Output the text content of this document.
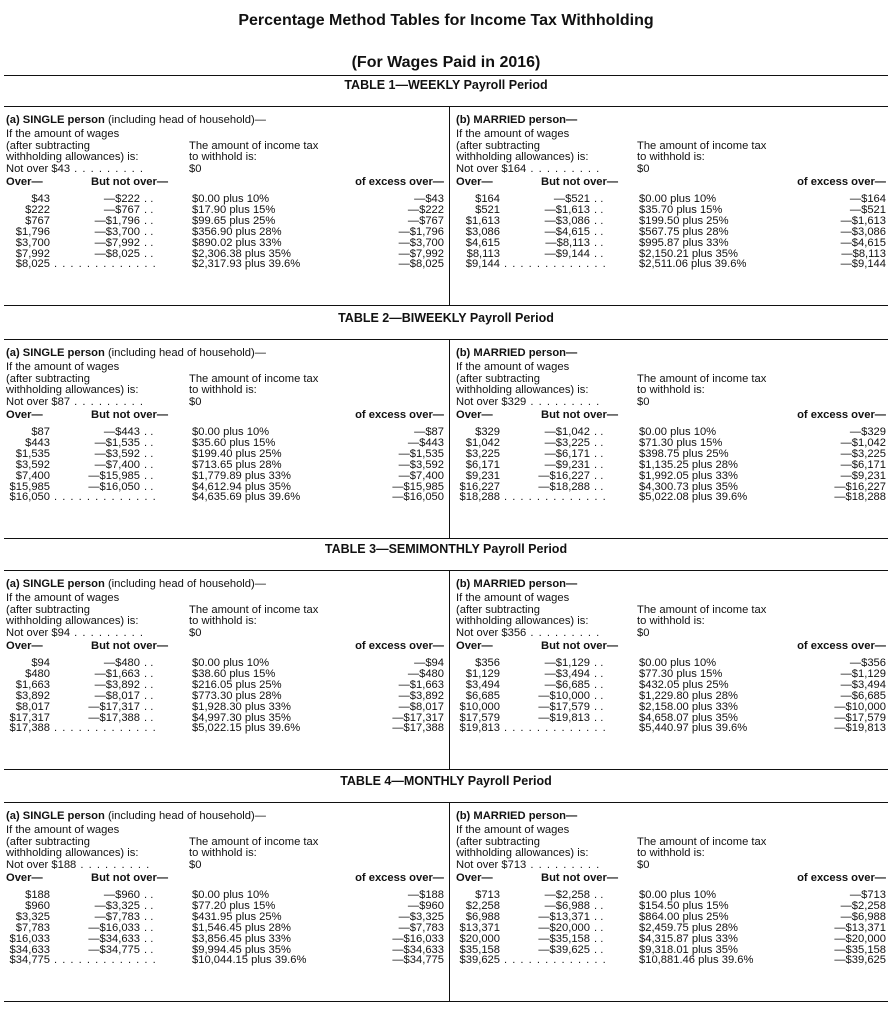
Percentage Method Tables for Income Tax Withholding
(For Wages Paid in 2016)
TABLE 1—WEEKLY Payroll Period
(a) SINGLE person (including head of household)—
If the amount of wages
(after subtracting
withholding allowances) is:
The amount of income tax
to withhold is:
Not over $43 . . . . . . . . .	$0
Over—	But not over—	of excess over—
$43	—$222 . .	$0.00 plus 10%	—$43
$222	—$767 . .	$17.90 plus 15%	—$222
$767	—$1,796 . .	$99.65 plus 25%	—$767
$1,796	—$3,700 . .	$356.90 plus 28%	—$1,796
$3,700	—$7,992 . .	$890.02 plus 33%	—$3,700
$7,992	—$8,025 . .	$2,306.38 plus 35%	—$7,992
$8,025 . . . . . . . . . . . . .	$2,317.93 plus 39.6%	—$8,025
(b) MARRIED person—
If the amount of wages
(after subtracting
withholding allowances) is:
The amount of income tax
to withhold is:
Not over $164 . . . . . . . . .	$0
Over—	But not over—	of excess over—
$164	—$521 . .	$0.00 plus 10%	—$164
$521	—$1,613 . .	$35.70 plus 15%	—$521
$1,613	—$3,086 . .	$199.50 plus 25%	—$1,613
$3,086	—$4,615 . .	$567.75 plus 28%	—$3,086
$4,615	—$8,113 . .	$995.87 plus 33%	—$4,615
$8,113	—$9,144 . .	$2,150.21 plus 35%	—$8,113
$9,144 . . . . . . . . . . . . .	$2,511.06 plus 39.6%	—$9,144
TABLE 2—BIWEEKLY Payroll Period
(a) SINGLE person (including head of household)—
If the amount of wages
(after subtracting
withholding allowances) is:
The amount of income tax
to withhold is:
Not over $87 . . . . . . . . .	$0
Over—	But not over—	of excess over—
$87	—$443 . .	$0.00 plus 10%	—$87
$443	—$1,535 . .	$35.60 plus 15%	—$443
$1,535	—$3,592 . .	$199.40 plus 25%	—$1,535
$3,592	—$7,400 . .	$713.65 plus 28%	—$3,592
$7,400	—$15,985 . .	$1,779.89 plus 33%	—$7,400
$15,985	—$16,050 . .	$4,612.94 plus 35%	—$15,985
$16,050 . . . . . . . . . . . . .	$4,635.69 plus 39.6%	—$16,050
(b) MARRIED person—
If the amount of wages
(after subtracting
withholding allowances) is:
The amount of income tax
to withhold is:
Not over $329 . . . . . . . . .	$0
Over—	But not over—	of excess over—
$329	—$1,042 . .	$0.00 plus 10%	—$329
$1,042	—$3,225 . .	$71.30 plus 15%	—$1,042
$3,225	—$6,171 . .	$398.75 plus 25%	—$3,225
$6,171	—$9,231 . .	$1,135.25 plus 28%	—$6,171
$9,231	—$16,227 . .	$1,992.05 plus 33%	—$9,231
$16,227	—$18,288 . .	$4,300.73 plus 35%	—$16,227
$18,288 . . . . . . . . . . . . .	$5,022.08 plus 39.6%	—$18,288
TABLE 3—SEMIMONTHLY Payroll Period
(a) SINGLE person (including head of household)—
If the amount of wages
(after subtracting
withholding allowances) is:
The amount of income tax
to withhold is:
Not over $94 . . . . . . . . .	$0
Over—	But not over—	of excess over—
$94	—$480 . .	$0.00 plus 10%	—$94
$480	—$1,663 . .	$38.60 plus 15%	—$480
$1,663	—$3,892 . .	$216.05 plus 25%	—$1,663
$3,892	—$8,017 . .	$773.30 plus 28%	—$3,892
$8,017	—$17,317 . .	$1,928.30 plus 33%	—$8,017
$17,317	—$17,388 . .	$4,997.30 plus 35%	—$17,317
$17,388 . . . . . . . . . . . . .	$5,022.15 plus 39.6%	—$17,388
(b) MARRIED person—
If the amount of wages
(after subtracting
withholding allowances) is:
The amount of income tax
to withhold is:
Not over $356 . . . . . . . . .	$0
Over—	But not over—	of excess over—
$356	—$1,129 . .	$0.00 plus 10%	—$356
$1,129	—$3,494 . .	$77.30 plus 15%	—$1,129
$3,494	—$6,685 . .	$432.05 plus 25%	—$3,494
$6,685	—$10,000 . .	$1,229.80 plus 28%	—$6,685
$10,000	—$17,579 . .	$2,158.00 plus 33%	—$10,000
$17,579	—$19,813 . .	$4,658.07 plus 35%	—$17,579
$19,813 . . . . . . . . . . . . .	$5,440.97 plus 39.6%	—$19,813
TABLE 4—MONTHLY Payroll Period
(a) SINGLE person (including head of household)—
If the amount of wages
(after subtracting
withholding allowances) is:
The amount of income tax
to withhold is:
Not over $188 . . . . . . . . .	$0
Over—	But not over—	of excess over—
$188	—$960 . .	$0.00 plus 10%	—$188
$960	—$3,325 . .	$77.20 plus 15%	—$960
$3,325	—$7,783 . .	$431.95 plus 25%	—$3,325
$7,783	—$16,033 . .	$1,546.45 plus 28%	—$7,783
$16,033	—$34,633 . .	$3,856.45 plus 33%	—$16,033
$34,633	—$34,775 . .	$9,994.45 plus 35%	—$34,633
$34,775 . . . . . . . . . . . . .	$10,044.15 plus 39.6%	—$34,775
(b) MARRIED person—
If the amount of wages
(after subtracting
withholding allowances) is:
The amount of income tax
to withhold is:
Not over $713 . . . . . . . . .	$0
Over—	But not over—	of excess over—
$713	—$2,258 . .	$0.00 plus 10%	—$713
$2,258	—$6,988 . .	$154.50 plus 15%	—$2,258
$6,988	—$13,371 . .	$864.00 plus 25%	—$6,988
$13,371	—$20,000 . .	$2,459.75 plus 28%	—$13,371
$20,000	—$35,158 . .	$4,315.87 plus 33%	—$20,000
$35,158	—$39,625 . .	$9,318.01 plus 35%	—$35,158
$39,625 . . . . . . . . . . . . .	$10,881.46 plus 39.6%	—$39,625
